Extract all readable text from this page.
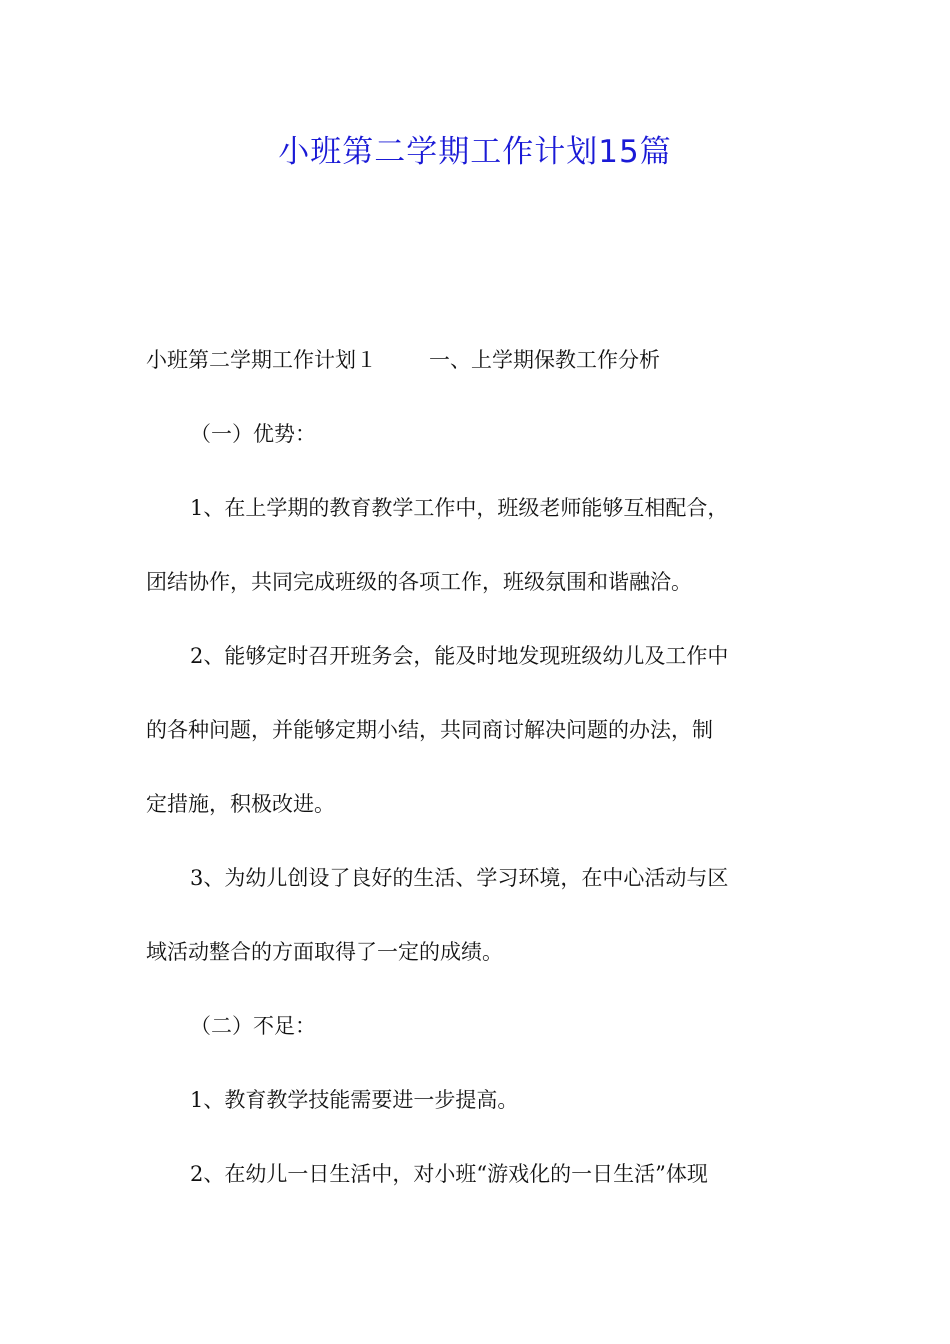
小班第二学期工作计划15篇
小班第二学期工作计划１ 一、上学期保教工作分析
（一）优势：
1、在上学期的教育教学工作中，班级老师能够互相配合，
团结协作，共同完成班级的各项工作，班级氛围和谐融洽。
2、能够定时召开班务会，能及时地发现班级幼儿及工作中
的各种问题，并能够定期小结，共同商讨解决问题的办法，制
定措施，积极改进。
3、为幼儿创设了良好的生活、学习环境，在中心活动与区
域活动整合的方面取得了一定的成绩。
（二）不足：
1、教育教学技能需要进一步提高。
2、在幼儿一日生活中，对小班“游戏化的一日生活”体现
